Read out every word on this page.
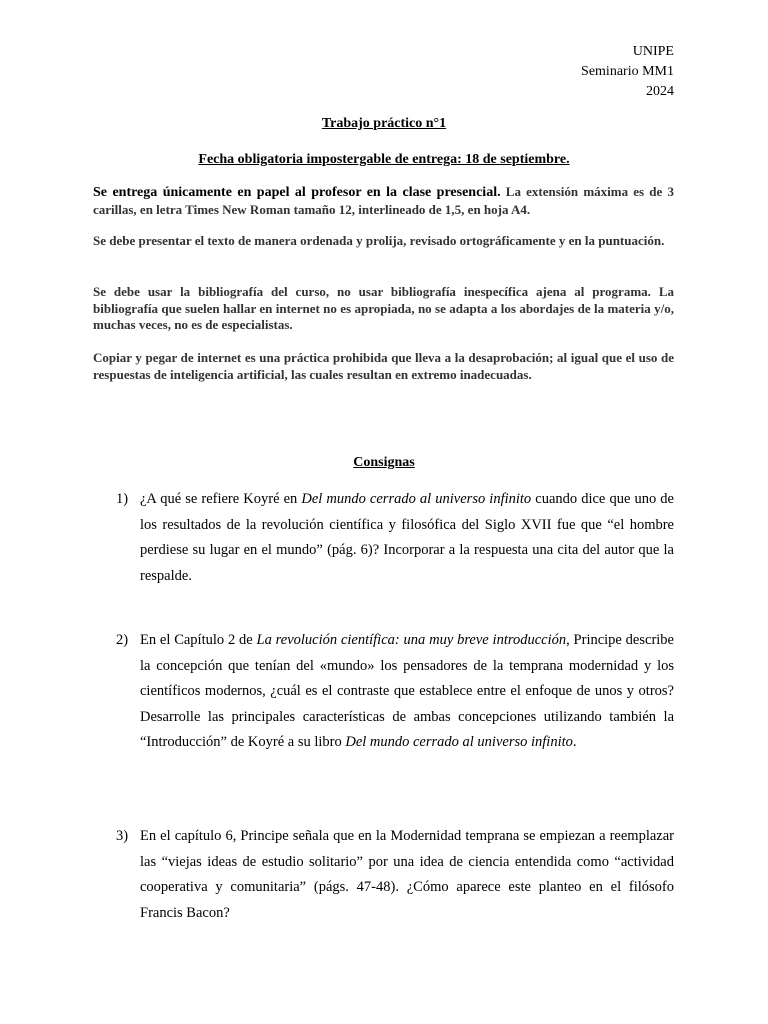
UNIPE
Seminario MM1
2024
Trabajo práctico n°1
Fecha obligatoria impostergable de entrega: 18 de septiembre.
Se entrega únicamente en papel al profesor en la clase presencial. La extensión máxima es de 3 carillas, en letra Times New Roman tamaño 12, interlineado de 1,5, en hoja A4.
Se debe presentar el texto de manera ordenada y prolija, revisado ortográficamente y en la puntuación.
Se debe usar la bibliografía del curso, no usar bibliografía inespecífica ajena al programa. La bibliografía que suelen hallar en internet no es apropiada, no se adapta a los abordajes de la materia y/o, muchas veces, no es de especialistas.
Copiar y pegar de internet es una práctica prohibida que lleva a la desaprobación; al igual que el uso de respuestas de inteligencia artificial, las cuales resultan en extremo inadecuadas.
Consignas
1) ¿A qué se refiere Koyré en Del mundo cerrado al universo infinito cuando dice que uno de los resultados de la revolución científica y filosófica del Siglo XVII fue que “el hombre perdiese su lugar en el mundo” (pág. 6)? Incorporar a la respuesta una cita del autor que la respalde.
2) En el Capítulo 2 de La revolución científica: una muy breve introducción, Principe describe la concepción que tenían del «mundo» los pensadores de la temprana modernidad y los científicos modernos, ¿cuál es el contraste que establece entre el enfoque de unos y otros? Desarrolle las principales características de ambas concepciones utilizando también la “Introducción” de Koyré a su libro Del mundo cerrado al universo infinito.
3) En el capítulo 6, Principe señala que en la Modernidad temprana se empiezan a reemplazar las “viejas ideas de estudio solitario” por una idea de ciencia entendida como “actividad cooperativa y comunitaria” (págs. 47-48). ¿Cómo aparece este planteo en el filósofo Francis Bacon?
